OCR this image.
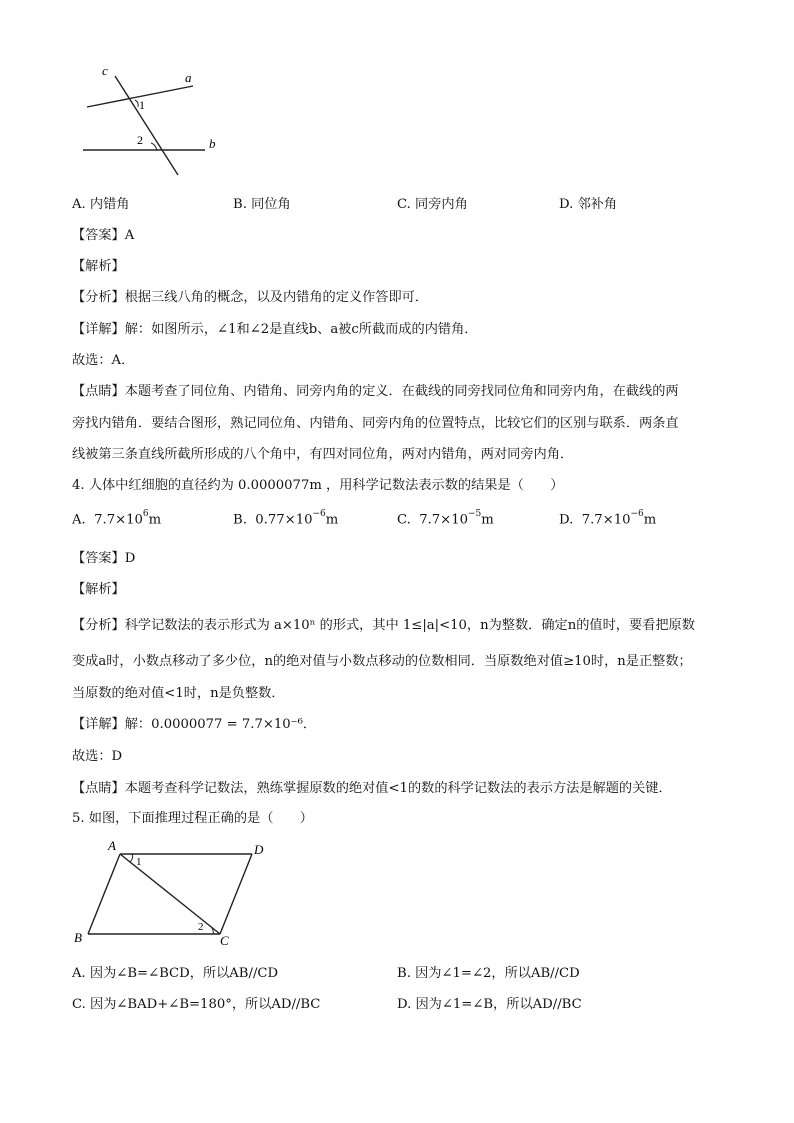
c	a
b
1
2
A. 内错角	B. 同位角	C. 同旁内角	D. 邻补角
【答案】A
【解析】
【分析】根据三线八角的概念，以及内错角的定义作答即可．
【详解】解：如图所示，∠1和∠2是直线b、a被c所截而成的内错角．
故选：A．
【点睛】本题考查了同位角、内错角、同旁内角的定义．在截线的同旁找同位角和同旁内角，在截线的两
旁找内错角．要结合图形，熟记同位角、内错角、同旁内角的位置特点，比较它们的区别与联系．两条直
线被第三条直线所截所形成的八个角中，有四对同位角，两对内错角，两对同旁内角．
4. 人体中红细胞的直径约为 0.0000077m ，用科学记数法表示数的结果是（　　）
A. $7.7\times 10^6m$	B. $0.77\times 10^{-6}m$	C. $7.7\times 10^{-5}m$	D. $7.7\times 10^{-6}m$
【答案】D
【解析】
【分析】科学记数法的表示形式为 a×10ⁿ 的形式，其中 1≤|a|<10，n为整数．确定n的值时，要看把原数
变成a时，小数点移动了多少位，n的绝对值与小数点移动的位数相同．当原数绝对值≥10时，n是正整数；
当原数的绝对值<1时，n是负整数．
【详解】解：0.0000077 = 7.7×10⁻⁶．
故选：D
【点睛】本题考查科学记数法，熟练掌握原数的绝对值<1的数的科学记数法的表示方法是解题的关键．
5. 如图，下面推理过程正确的是（　　）
A	D
B	C
1
2
A. 因为∠B=∠BCD，所以AB//CD	B. 因为∠1=∠2，所以AB//CD
C. 因为∠BAD+∠B=180°，所以AD//BC	D. 因为∠1=∠B，所以AD//BC
